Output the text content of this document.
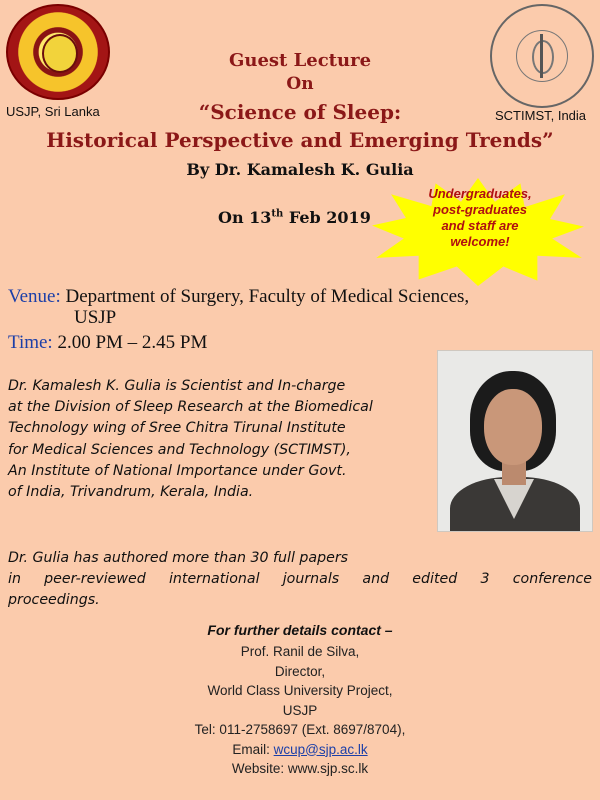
USJP, Sri Lanka	SCTIMST, India
Guest Lecture
On
“Science of Sleep:
Historical Perspective and Emerging Trends”
By Dr. Kamalesh K. Gulia
On 13th Feb 2019
Undergraduates,
post-graduates
and staff are
welcome!
Venue: Department of Surgery, Faculty of Medical Sciences,
USJP
Time: 2.00 PM – 2.45 PM
Dr. Kamalesh K. Gulia is Scientist and In-charge
at the Division of Sleep Research at the Biomedical
Technology wing of Sree Chitra Tirunal Institute
for Medical Sciences and Technology (SCTIMST),
An Institute of National Importance under Govt.
of India, Trivandrum, Kerala, India.
Dr. Gulia has authored more than 30 full papers
in peer-reviewed international journals and edited 3 conference
proceedings.
For further details contact –
Prof. Ranil de Silva,
Director,
World Class University Project,
USJP
Tel: 011-2758697 (Ext. 8697/8704),
Email: wcup@sjp.ac.lk
Website: www.sjp.sc.lk
